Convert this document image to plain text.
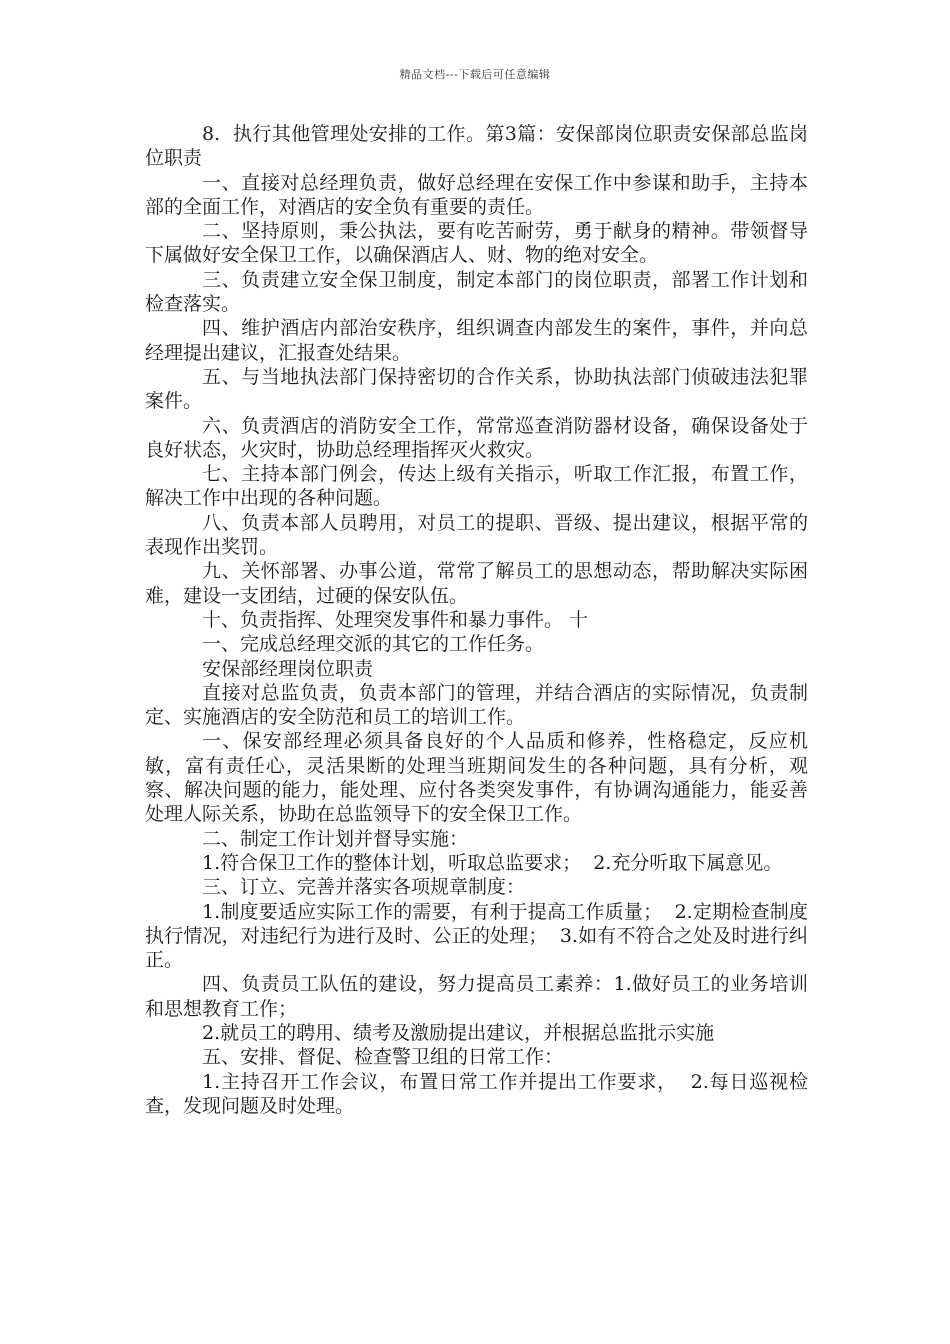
精品文档---下载后可任意编辑

8.  执行其他管理处安排的工作。第3篇：安保部岗位职责安保部总监岗位职责

一、直接对总经理负责，做好总经理在安保工作中参谋和助手，主持本部的全面工作，对酒店的安全负有重要的责任。

二、坚持原则，秉公执法，要有吃苦耐劳，勇于献身的精神。带领督导下属做好安全保卫工作，以确保酒店人、财、物的绝对安全。

三、负责建立安全保卫制度，制定本部门的岗位职责，部署工作计划和检查落实。

四、维护酒店内部治安秩序，组织调查内部发生的案件，事件，并向总经理提出建议，汇报查处结果。

五、与当地执法部门保持密切的合作关系，协助执法部门侦破违法犯罪案件。

六、负责酒店的消防安全工作，常常巡查消防器材设备，确保设备处于良好状态，火灾时，协助总经理指挥灭火救灾。

七、主持本部门例会，传达上级有关指示，听取工作汇报，布置工作，解决工作中出现的各种问题。

八、负责本部人员聘用，对员工的提职、晋级、提出建议，根据平常的表现作出奖罚。

九、关怀部署、办事公道，常常了解员工的思想动态，帮助解决实际困难，建设一支团结，过硬的保安队伍。

十、负责指挥、处理突发事件和暴力事件。 十

一、完成总经理交派的其它的工作任务。

安保部经理岗位职责

直接对总监负责，负责本部门的管理，并结合酒店的实际情况，负责制定、实施酒店的安全防范和员工的培训工作。

一、保安部经理必须具备良好的个人品质和修养，性格稳定，反应机敏，富有责任心，灵活果断的处理当班期间发生的各种问题，具有分析，观察、解决问题的能力，能处理、应付各类突发事件，有协调沟通能力，能妥善处理人际关系，协助在总监领导下的安全保卫工作。

二、制定工作计划并督导实施：

1.符合保卫工作的整体计划，听取总监要求；  2.充分听取下属意见。

三、订立、完善并落实各项规章制度：

1.制度要适应实际工作的需要，有利于提高工作质量；  2.定期检查制度执行情况，对违纪行为进行及时、公正的处理；  3.如有不符合之处及时进行纠正。

四、负责员工队伍的建设，努力提高员工素养：1.做好员工的业务培训和思想教育工作；

2.就员工的聘用、绩考及激励提出建议，并根据总监批示实施

五、安排、督促、检查警卫组的日常工作：

1.主持召开工作会议，布置日常工作并提出工作要求，  2.每日巡视检查，发现问题及时处理。
